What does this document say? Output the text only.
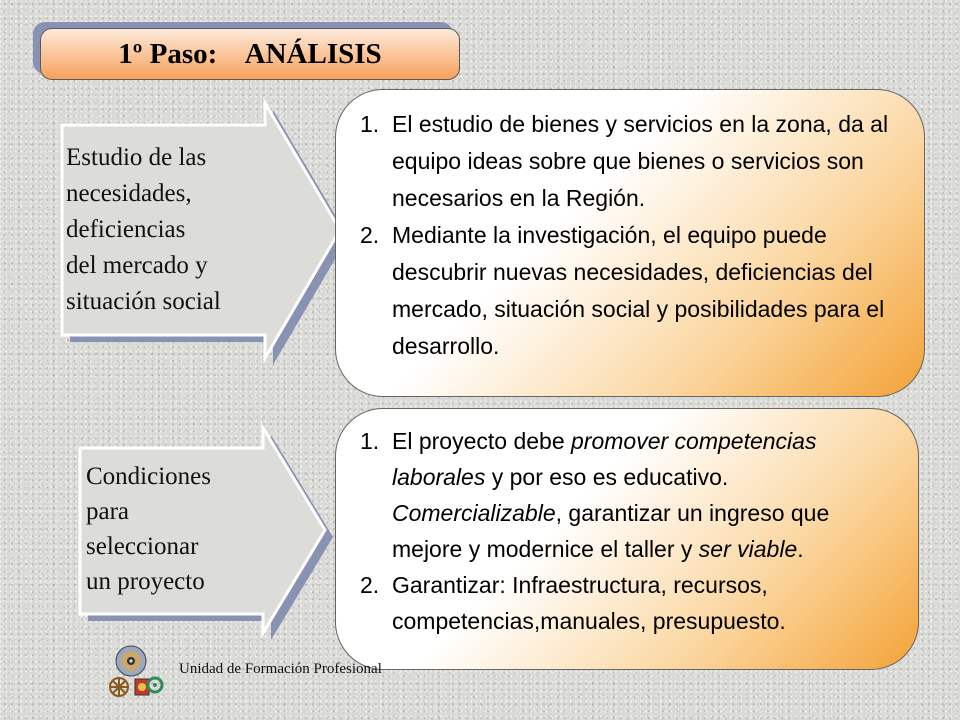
1º Paso:    ANÁLISIS
Estudio de las
necesidades,
deficiencias
del mercado y
situación social
Condiciones
para
seleccionar
un proyecto
1. El estudio de bienes y servicios en la zona, da al equipo ideas sobre que bienes o servicios son necesarios en la Región.
2. Mediante la investigación, el equipo puede descubrir nuevas necesidades, deficiencias del mercado, situación social y posibilidades para el desarrollo.
1. El proyecto debe promover competencias laborales y por eso es educativo. Comercializable, garantizar un ingreso que mejore y modernice el taller y ser viable.
2. Garantizar: Infraestructura, recursos, competencias,manuales, presupuesto.
Unidad de Formación Profesional
